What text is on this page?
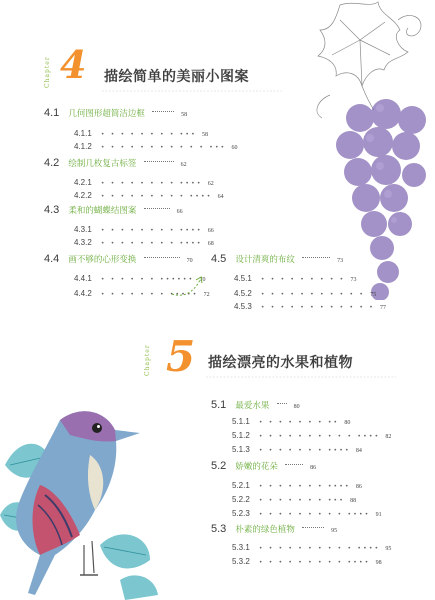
Chapter 4 描绘简单的美丽小图案
4.1 几何图形超简洁边框	58
4.1.1 • • • • • • • • ••• 58
4.1.2 • • • • • • • • • • • ••• 60
4.2 绘制几枚复古标签	62
4.2.1 • • • • • • • • •••• 62
4.2.2 • • • • • • • • • •••• 64
4.3 柔和的蝴蝶结图案	66
4.3.1 • • • • • • • • •••• 66
4.3.2 • • • • • • • • •••• 68
4.4 画不够的心形变换	70
4.4.1 • • • • • • •••••• 70
4.4.2 • • • • • • • ••••• 72
4.5 设计清爽的布纹	73
4.5.1 • • • • • • • • • 73
4.5.2 • • • • • • • • • • • 75
4.5.3 • • • • • • • • • • • • 77
Chapter 5 描绘漂亮的水果和植物
5.1 最爱水果	80
5.1.1 • • • • • • • •• 80
5.1.2 • • • • • • • • • • •••• 82
5.1.3 • • • • • • • •••• 84
5.2 娇嫩的花朵	86
5.2.1 • • • • • • • •••• 86
5.2.2 • • • • • • • ••• 88
5.2.3 • • • • • • • • • •••• 91
5.3 朴素的绿色植物	95
5.3.1 • • • • • • • • • • •••• 95
5.3.2 • • • • • • • • • •••• 98
